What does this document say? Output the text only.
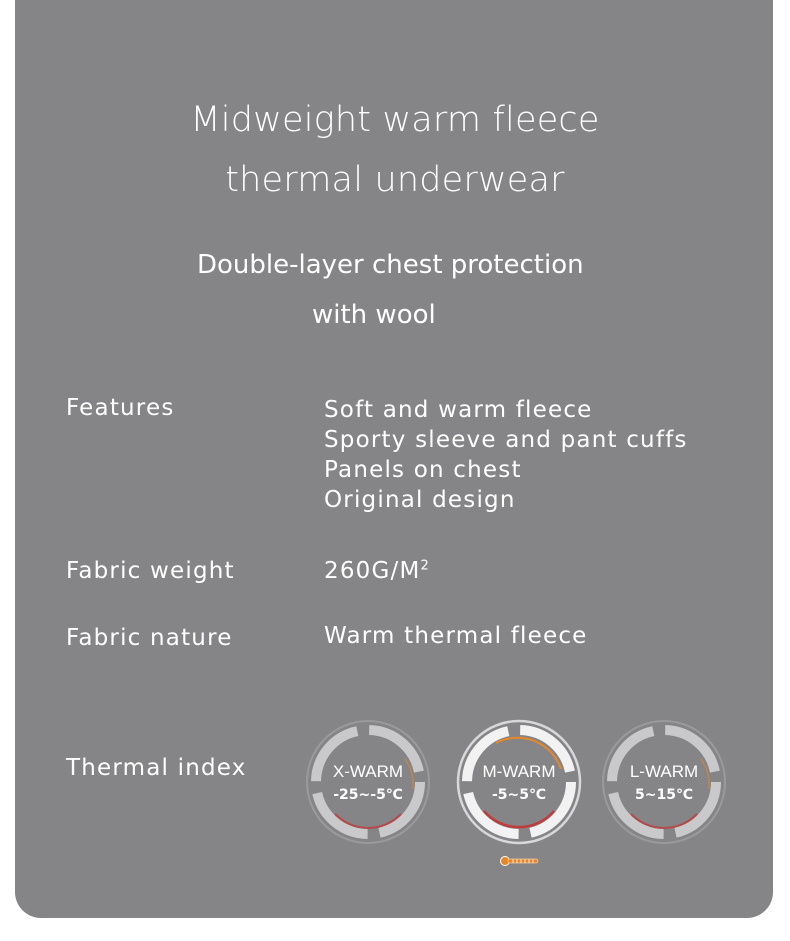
Midweight warm fleece
thermal underwear
Double-layer chest protection
with wool
Features	Soft and warm fleece
Sporty sleeve and pant cuffs
Panels on chest
Original design
Fabric weight	$260G/M^2$
Fabric nature	Warm thermal fleece
Thermal index	X-WARM
-25~-5℃
M-WARM
-5~5℃
L-WARM
5~15℃
